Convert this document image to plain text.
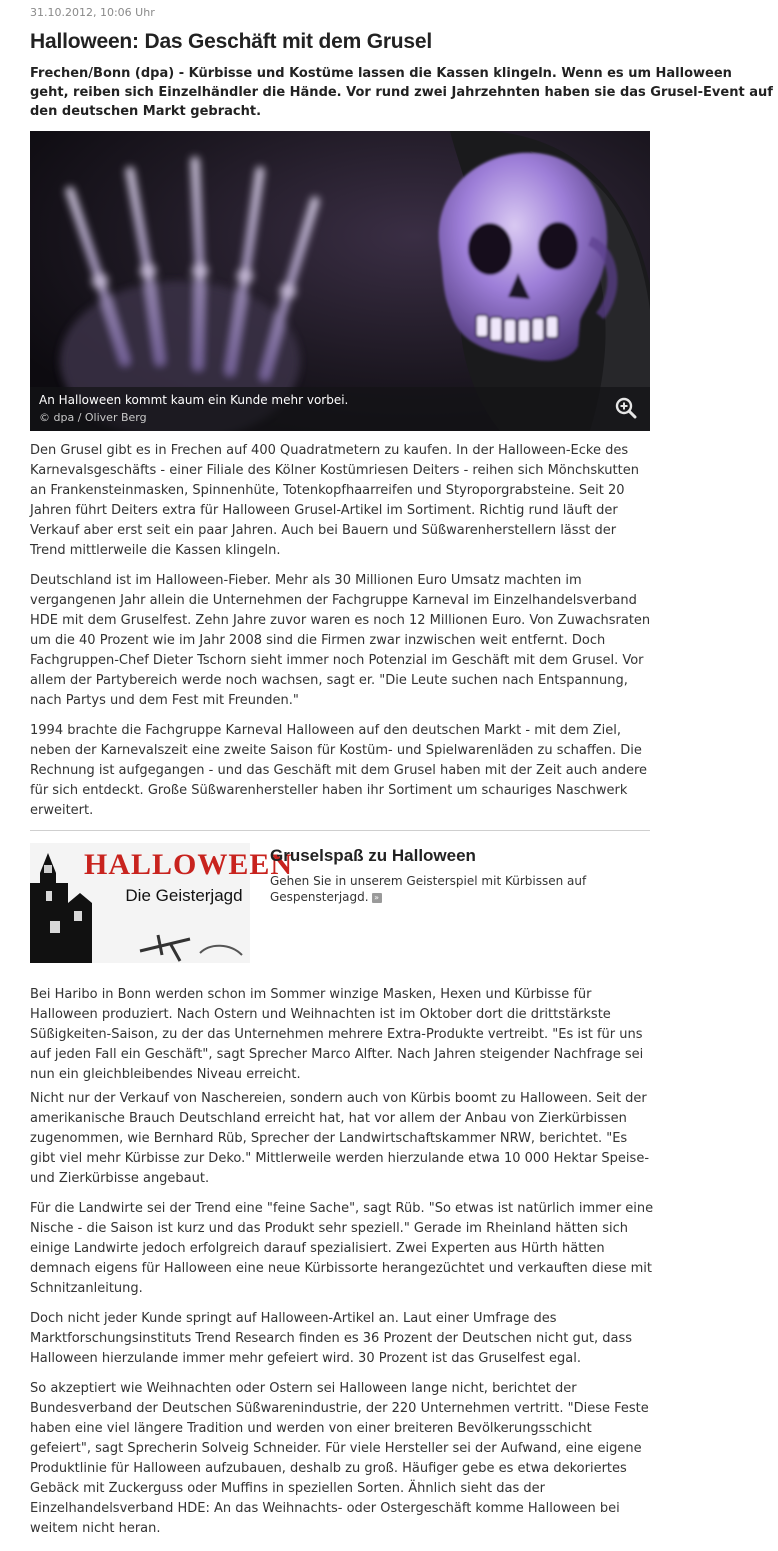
31.10.2012, 10:06 Uhr
Halloween: Das Geschäft mit dem Grusel

Frechen/Bonn (dpa) - Kürbisse und Kostüme lassen die Kassen klingeln. Wenn es um Halloween geht, reiben sich Einzelhändler die Hände. Vor rund zwei Jahrzehnten haben sie das Grusel-Event auf den deutschen Markt gebracht.

An Halloween kommt kaum ein Kunde mehr vorbei.
© dpa / Oliver Berg

Den Grusel gibt es in Frechen auf 400 Quadratmetern zu kaufen. In der Halloween-Ecke des Karnevalsgeschäfts - einer Filiale des Kölner Kostümriesen Deiters - reihen sich Mönchskutten an Frankensteinmasken, Spinnenhüte, Totenkopfhaarreifen und Styroporgrabsteine. Seit 20 Jahren führt Deiters extra für Halloween Grusel-Artikel im Sortiment. Richtig rund läuft der Verkauf aber erst seit ein paar Jahren. Auch bei Bauern und Süßwarenherstellern lässt der Trend mittlerweile die Kassen klingeln.

Deutschland ist im Halloween-Fieber. Mehr als 30 Millionen Euro Umsatz machten im vergangenen Jahr allein die Unternehmen der Fachgruppe Karneval im Einzelhandelsverband HDE mit dem Gruselfest. Zehn Jahre zuvor waren es noch 12 Millionen Euro. Von Zuwachsraten um die 40 Prozent wie im Jahr 2008 sind die Firmen zwar inzwischen weit entfernt. Doch Fachgruppen-Chef Dieter Tschorn sieht immer noch Potenzial im Geschäft mit dem Grusel. Vor allem der Partybereich werde noch wachsen, sagt er. "Die Leute suchen nach Entspannung, nach Partys und dem Fest mit Freunden."

1994 brachte die Fachgruppe Karneval Halloween auf den deutschen Markt - mit dem Ziel, neben der Karnevalszeit eine zweite Saison für Kostüm- und Spielwarenläden zu schaffen. Die Rechnung ist aufgegangen - und das Geschäft mit dem Grusel haben mit der Zeit auch andere für sich entdeckt. Große Süßwarenhersteller haben ihr Sortiment um schauriges Naschwerk erweitert.

HALLOWEEN
Die Geisterjagd
Gruselspaß zu Halloween

Gehen Sie in unserem Geisterspiel mit Kürbissen auf Gespensterjagd. »

Bei Haribo in Bonn werden schon im Sommer winzige Masken, Hexen und Kürbisse für Halloween produziert. Nach Ostern und Weihnachten ist im Oktober dort die drittstärkste Süßigkeiten-Saison, zu der das Unternehmen mehrere Extra-Produkte vertreibt. "Es ist für uns auf jeden Fall ein Geschäft", sagt Sprecher Marco Alfter. Nach Jahren steigender Nachfrage sei nun ein gleichbleibendes Niveau erreicht.

Nicht nur der Verkauf von Naschereien, sondern auch von Kürbis boomt zu Halloween. Seit der amerikanische Brauch Deutschland erreicht hat, hat vor allem der Anbau von Zierkürbissen zugenommen, wie Bernhard Rüb, Sprecher der Landwirtschaftskammer NRW, berichtet. "Es gibt viel mehr Kürbisse zur Deko." Mittlerweile werden hierzulande etwa 10 000 Hektar Speise- und Zierkürbisse angebaut.

Für die Landwirte sei der Trend eine "feine Sache", sagt Rüb. "So etwas ist natürlich immer eine Nische - die Saison ist kurz und das Produkt sehr speziell." Gerade im Rheinland hätten sich einige Landwirte jedoch erfolgreich darauf spezialisiert. Zwei Experten aus Hürth hätten demnach eigens für Halloween eine neue Kürbissorte herangezüchtet und verkauften diese mit Schnitzanleitung.

Doch nicht jeder Kunde springt auf Halloween-Artikel an. Laut einer Umfrage des Marktforschungsinstituts Trend Research finden es 36 Prozent der Deutschen nicht gut, dass Halloween hierzulande immer mehr gefeiert wird. 30 Prozent ist das Gruselfest egal.

So akzeptiert wie Weihnachten oder Ostern sei Halloween lange nicht, berichtet der Bundesverband der Deutschen Süßwarenindustrie, der 220 Unternehmen vertritt. "Diese Feste haben eine viel längere Tradition und werden von einer breiteren Bevölkerungsschicht gefeiert", sagt Sprecherin Solveig Schneider. Für viele Hersteller sei der Aufwand, eine eigene Produktlinie für Halloween aufzubauen, deshalb zu groß. Häufiger gebe es etwa dekoriertes Gebäck mit Zuckerguss oder Muffins in speziellen Sorten. Ähnlich sieht das der Einzelhandelsverband HDE: An das Weihnachts- oder Ostergeschäft komme Halloween bei weitem nicht heran.
